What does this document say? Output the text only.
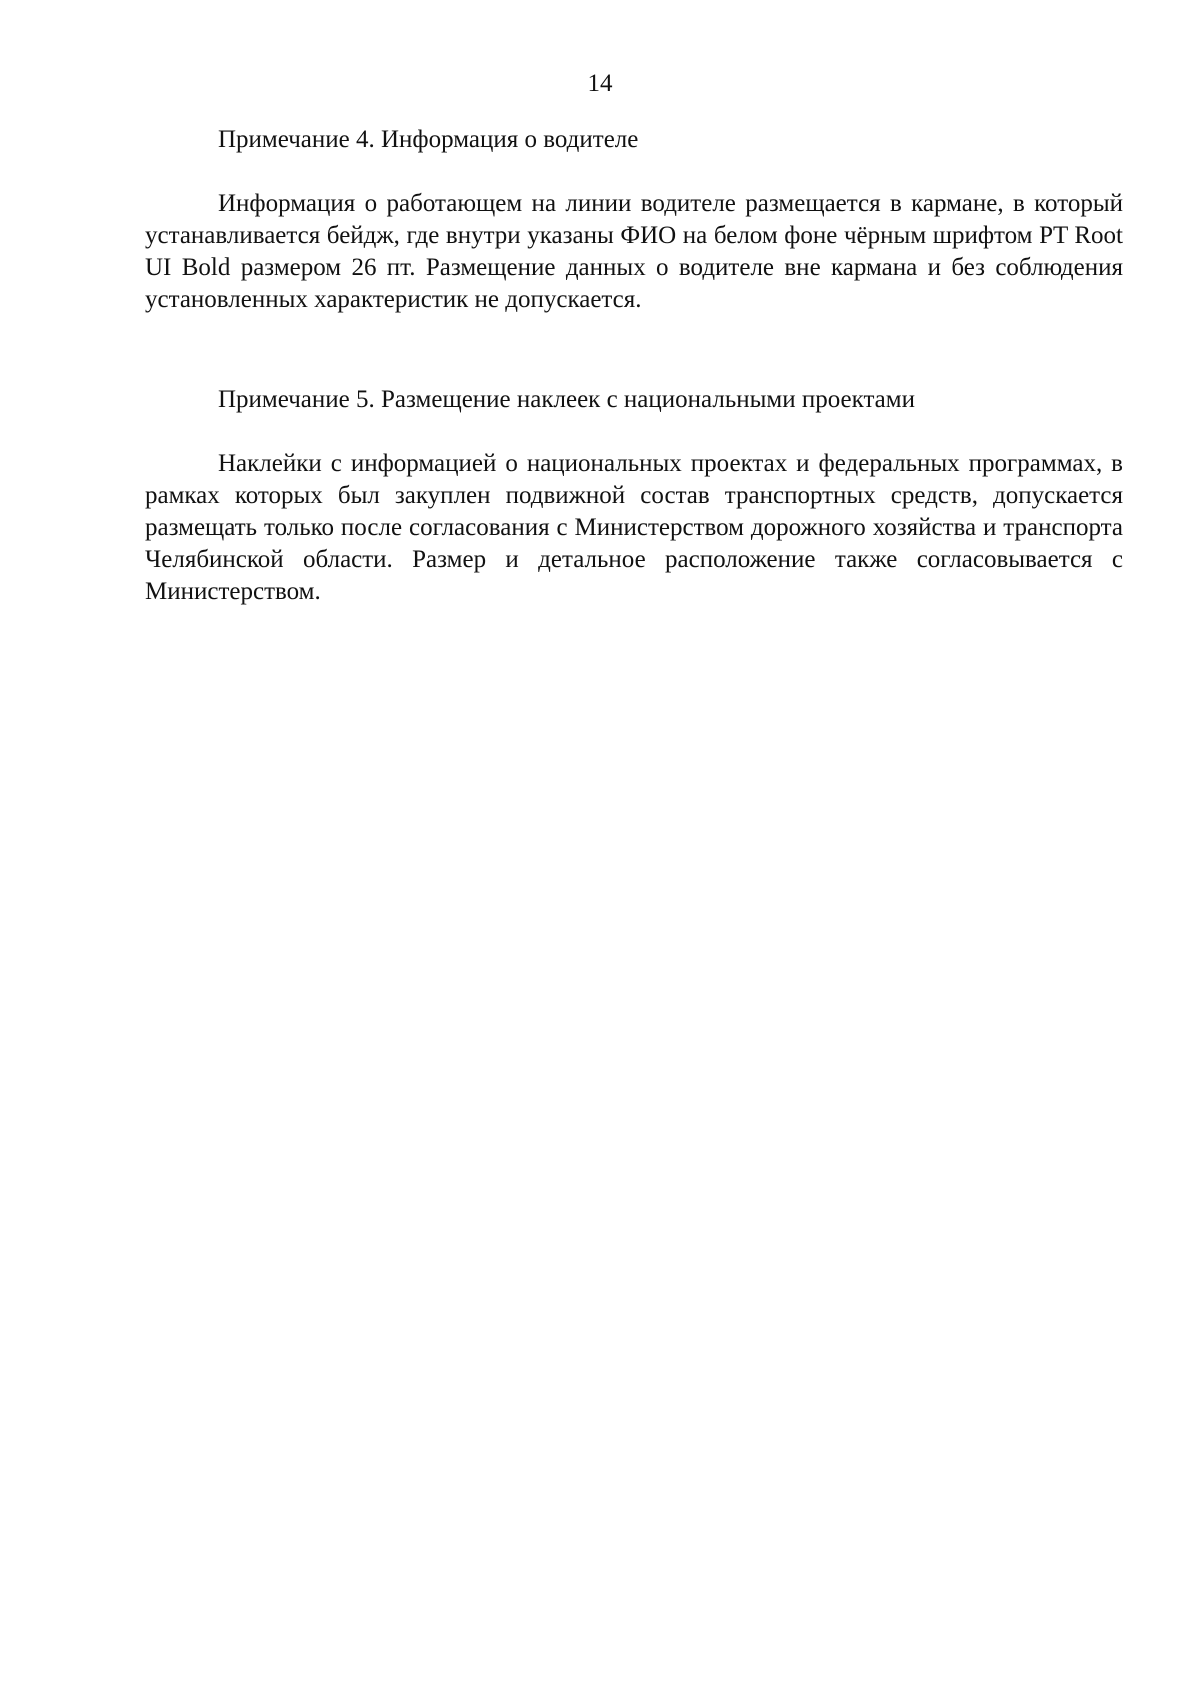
14
Примечание 4. Информация о водителе

Информация о работающем на линии водителе размещается в кармане, в который устанавливается бейдж, где внутри указаны ФИО на белом фоне чёрным шрифтом PT Root UI Bold размером 26 пт. Размещение данных о водителе вне кармана и без соблюдения установленных характеристик не допускается.

Примечание 5. Размещение наклеек с национальными проектами

Наклейки с информацией о национальных проектах и федеральных программах, в рамках которых был закуплен подвижной состав транспортных средств, допускается размещать только после согласования с Министерством дорожного хозяйства и транспорта Челябинской области. Размер и детальное расположение также согласовывается с Министерством.
